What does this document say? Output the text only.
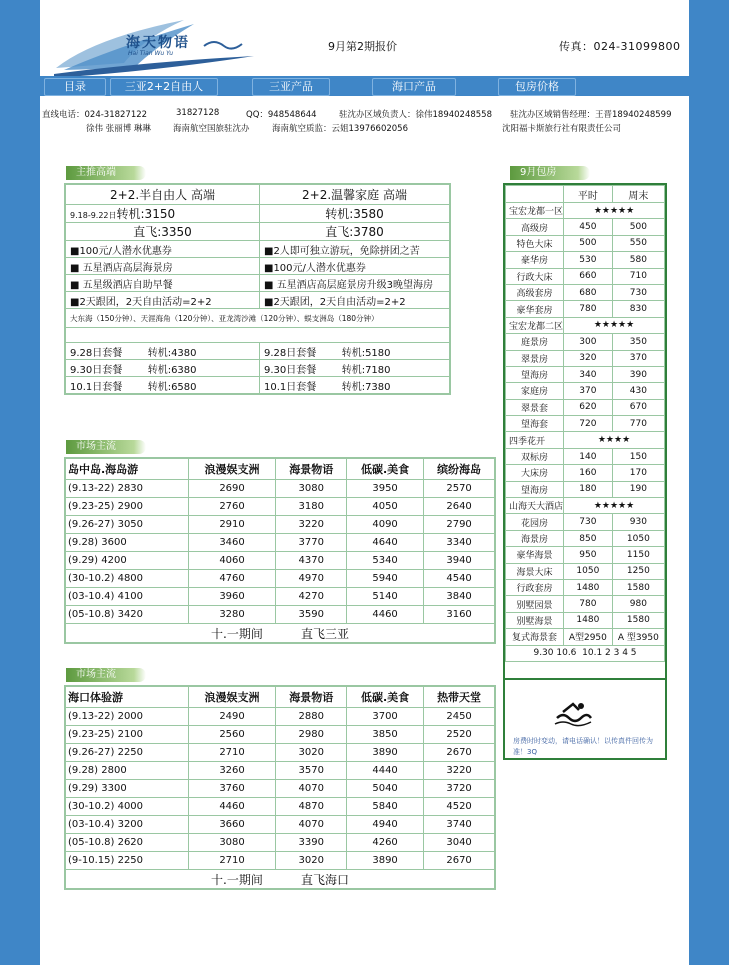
海天物语
Hai Tian Wu Yu
9月第2期报价	传真：024-31099800
目录	三亚2+2自由人	三亚产品	海口产品	包房价格
直线电话：024-31827122	31827128	QQ：948548644	驻沈办区域负责人：徐伟18940248558 驻沈办区域销售经理：王晋18940248599
徐伟 张丽博 琳琳	海南航空国旅驻沈办	海南航空质监：云姐13976602056	沈阳福卡斯旅行社有限责任公司
主推高端
2+2.半自由人 高端	2+2.温馨家庭 高端
9.18-9.22日转机:3150	转机:3580
直飞:3350	直飞:3780
■100元/人潜水优惠券	■2人即可独立游玩，免除拼团之苦
■ 五星酒店高层海景房	■100元/人潜水优惠券
■ 五星级酒店自助早餐	■ 五星酒店高层庭景房升级3晚望海房
■2天跟团，2天自由活动=2+2	■2天跟团，2天自由活动=2+2
大东海（150分钟）、天涯海角（120分钟）、亚龙湾沙滩（120分钟）、蜈支洲岛（180分钟）	

9.28日套餐 转机:4380	9.28日套餐 转机:5180
9.30日套餐 转机:6380	9.30日套餐 转机:7180
10.1日套餐 转机:6580	10.1日套餐 转机:7380
市场主流
岛中岛.海岛游	浪漫娱支洲	海景物语	低碳.美食	缤纷海岛
(9.13-22) 2830	2690	3080	3950	2570
(9.23-25) 2900	2760	3180	4050	2640
(9.26-27) 3050	2910	3220	4090	2790
(9.28) 3600	3460	3770	4640	3340
(9.29) 4200	4060	4370	5340	3940
(30-10.2) 4800	4760	4970	5940	4540
(03-10.4) 4100	3960	4270	5140	3840
(05-10.8) 3420	3280	3590	4460	3160
十.一期间          直飞三亚				
市场主流
海口体验游	浪漫娱支洲	海景物语	低碳.美食	热带天堂
(9.13-22) 2000	2490	2880	3700	2450
(9.23-25) 2100	2560	2980	3850	2520
(9.26-27) 2250	2710	3020	3890	2670
(9.28) 2800	3260	3570	4440	3220
(9.29) 3300	3760	4070	5040	3720
(30-10.2) 4000	4460	4870	5840	4520
(03-10.4) 3200	3660	4070	4940	3740
(05-10.8) 2620	3080	3390	4260	3040
(9-10.15) 2250	2710	3020	3890	2670
十.一期间          直飞海口				
9月包房
	平时	周末
宝宏龙都一区	★★★★★	
高级房	450	500
特色大床	500	550
豪华房	530	580
行政大床	660	710
高级套房	680	730
豪华套房	780	830
宝宏龙都二区	★★★★★	
庭景房	300	350
翠景房	320	370
望海房	340	390
家庭房	370	430
翠景套	620	670
望海套	720	770
四季花开	★★★★	
双标房	140	150
大床房	160	170
望海房	180	190
山海天大酒店	★★★★★	
花园房	730	930
海景房	850	1050
豪华海景	950	1150
海景大床	1050	1250
行政套房	1480	1580
别墅园景	780	980
别墅海景	1480	1580
复式海景套	A型2950	A 型3950
9.30 10.6  10.1 2 3 4 5		
房费时时变动，请电话确认！以传真件回传为准！3Q
